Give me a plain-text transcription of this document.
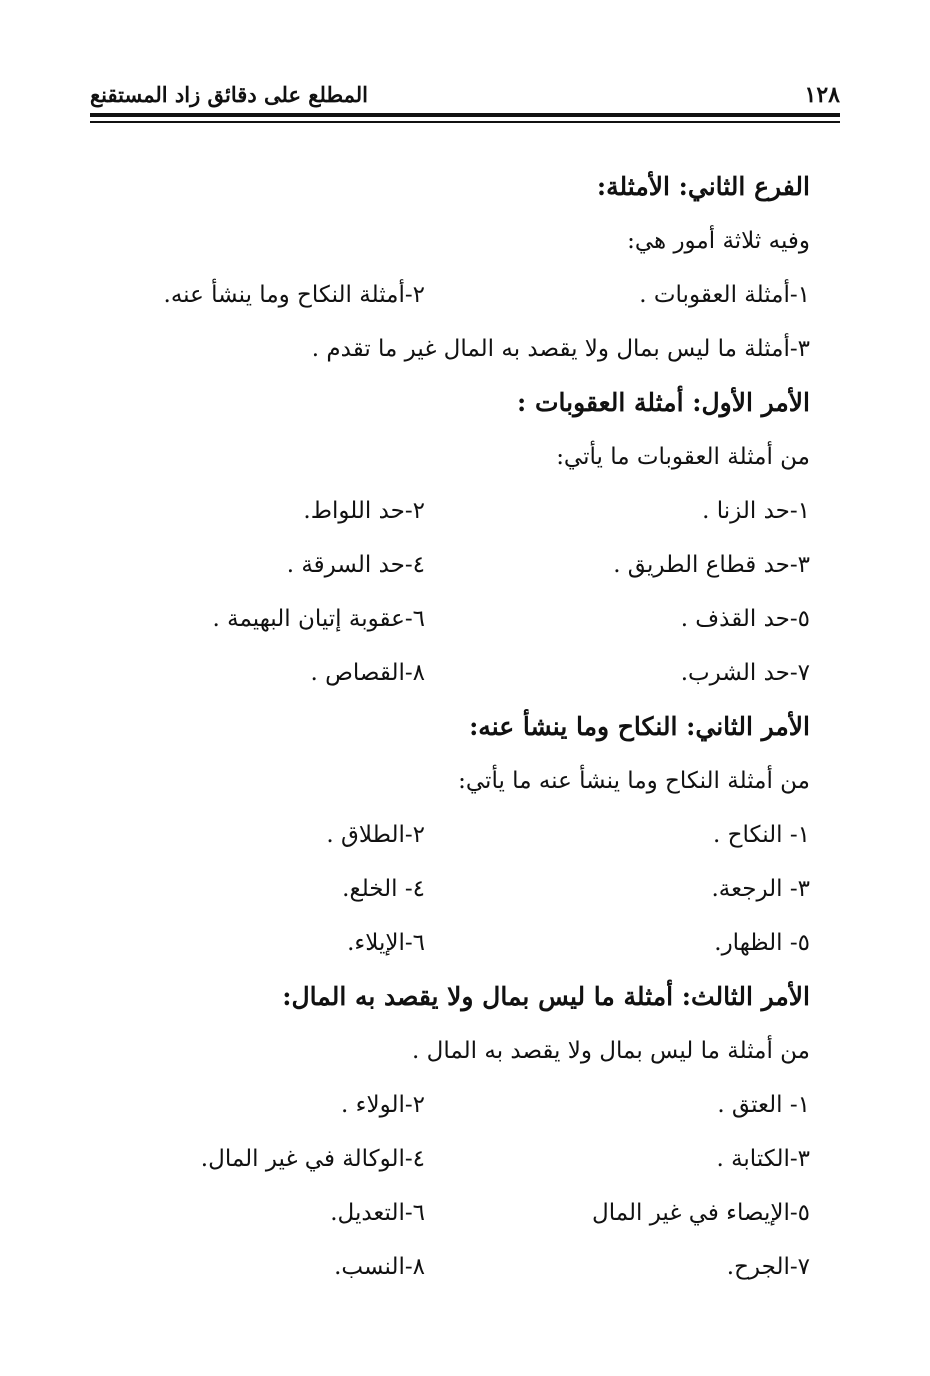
١٢٨
المطلع على دقائق زاد المستقنع

الفرع الثاني: الأمثلة:

وفيه ثلاثة أمور هي:

١-أمثلة العقوبات .
٢-أمثلة النكاح وما ينشأ عنه.

٣-أمثلة ما ليس بمال ولا يقصد به المال غير ما تقدم .

الأمر الأول: أمثلة العقوبات :

من أمثلة العقوبات ما يأتي:

١-حد الزنا .
٢-حد اللواط.
٣-حد قطاع الطريق .
٤-حد السرقة .
٥-حد القذف .
٦-عقوبة إتيان البهيمة .
٧-حد الشرب.
٨-القصاص .

الأمر الثاني: النكاح وما ينشأ عنه:

من أمثلة النكاح وما ينشأ عنه ما يأتي:

١- النكاح .
٢-الطلاق .
٣- الرجعة.
٤- الخلع.
٥- الظهار.
٦-الإيلاء.

الأمر الثالث: أمثلة ما ليس بمال ولا يقصد به المال:

من أمثلة ما ليس بمال ولا يقصد به المال .

١- العتق .
٢-الولاء .
٣-الكتابة .
٤-الوكالة في غير المال.
٥-الإيصاء في غير المال
٦-التعديل.
٧-الجرح.
٨-النسب.
